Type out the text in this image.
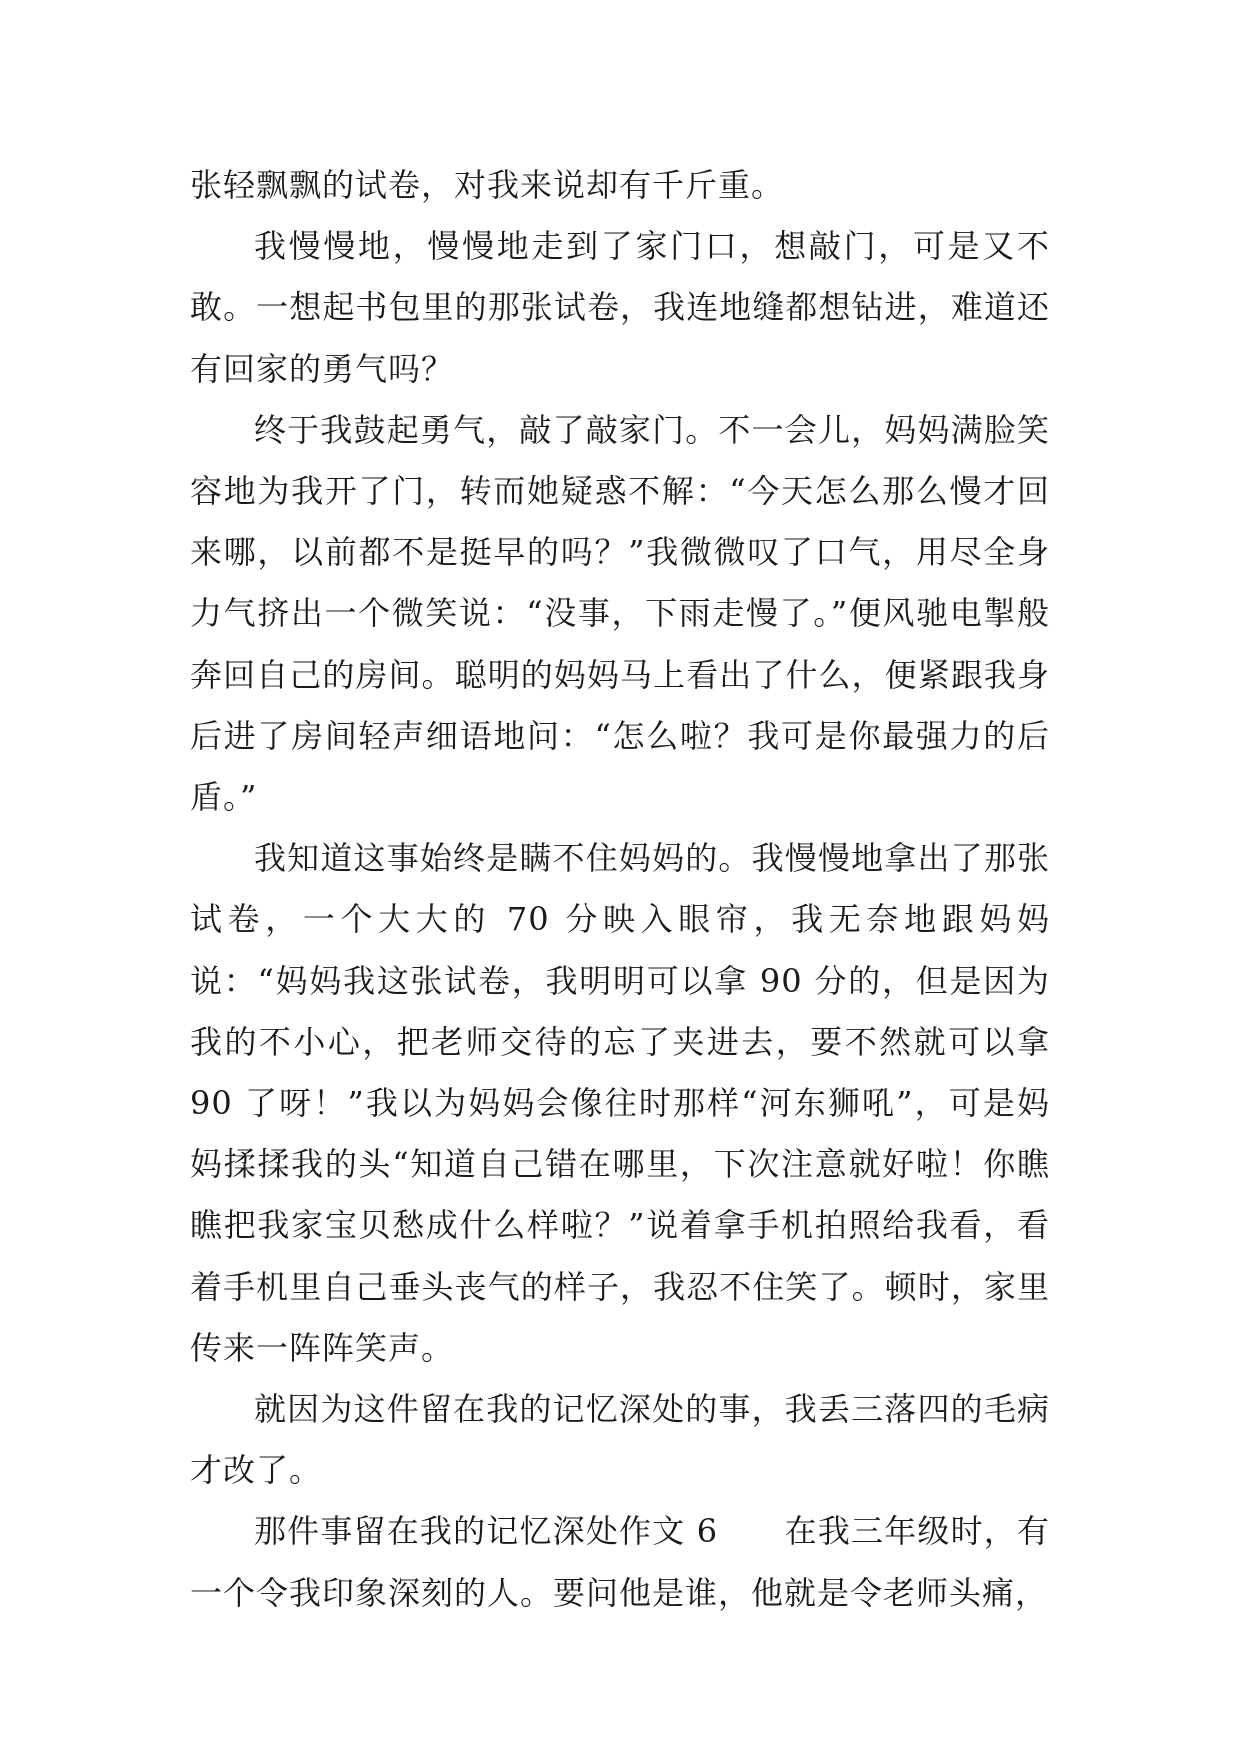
张轻飘飘的试卷，对我来说却有千斤重。

我慢慢地，慢慢地走到了家门口，想敲门，可是又不敢。一想起书包里的那张试卷，我连地缝都想钻进，难道还有回家的勇气吗？

终于我鼓起勇气，敲了敲家门。不一会儿，妈妈满脸笑容地为我开了门，转而她疑惑不解：“今天怎么那么慢才回来哪，以前都不是挺早的吗？”我微微叹了口气，用尽全身力气挤出一个微笑说：“没事，下雨走慢了。”便风驰电掣般奔回自己的房间。聪明的妈妈马上看出了什么，便紧跟我身后进了房间轻声细语地问：“怎么啦？我可是你最强力的后盾。”

我知道这事始终是瞒不住妈妈的。我慢慢地拿出了那张试卷，一个大大的 70 分映入眼帘，我无奈地跟妈妈说：“妈妈我这张试卷，我明明可以拿 90 分的，但是因为我的不小心，把老师交待的忘了夹进去，要不然就可以拿 90 了呀！”我以为妈妈会像往时那样“河东狮吼”，可是妈妈揉揉我的头“知道自己错在哪里，下次注意就好啦！你瞧瞧把我家宝贝愁成什么样啦？”说着拿手机拍照给我看，看着手机里自己垂头丧气的样子，我忍不住笑了。顿时，家里传来一阵阵笑声。

就因为这件留在我的记忆深处的事，我丢三落四的毛病才改了。

那件事留在我的记忆深处作文 6　　在我三年级时，有一个令我印象深刻的人。要问他是谁，他就是令老师头痛，
